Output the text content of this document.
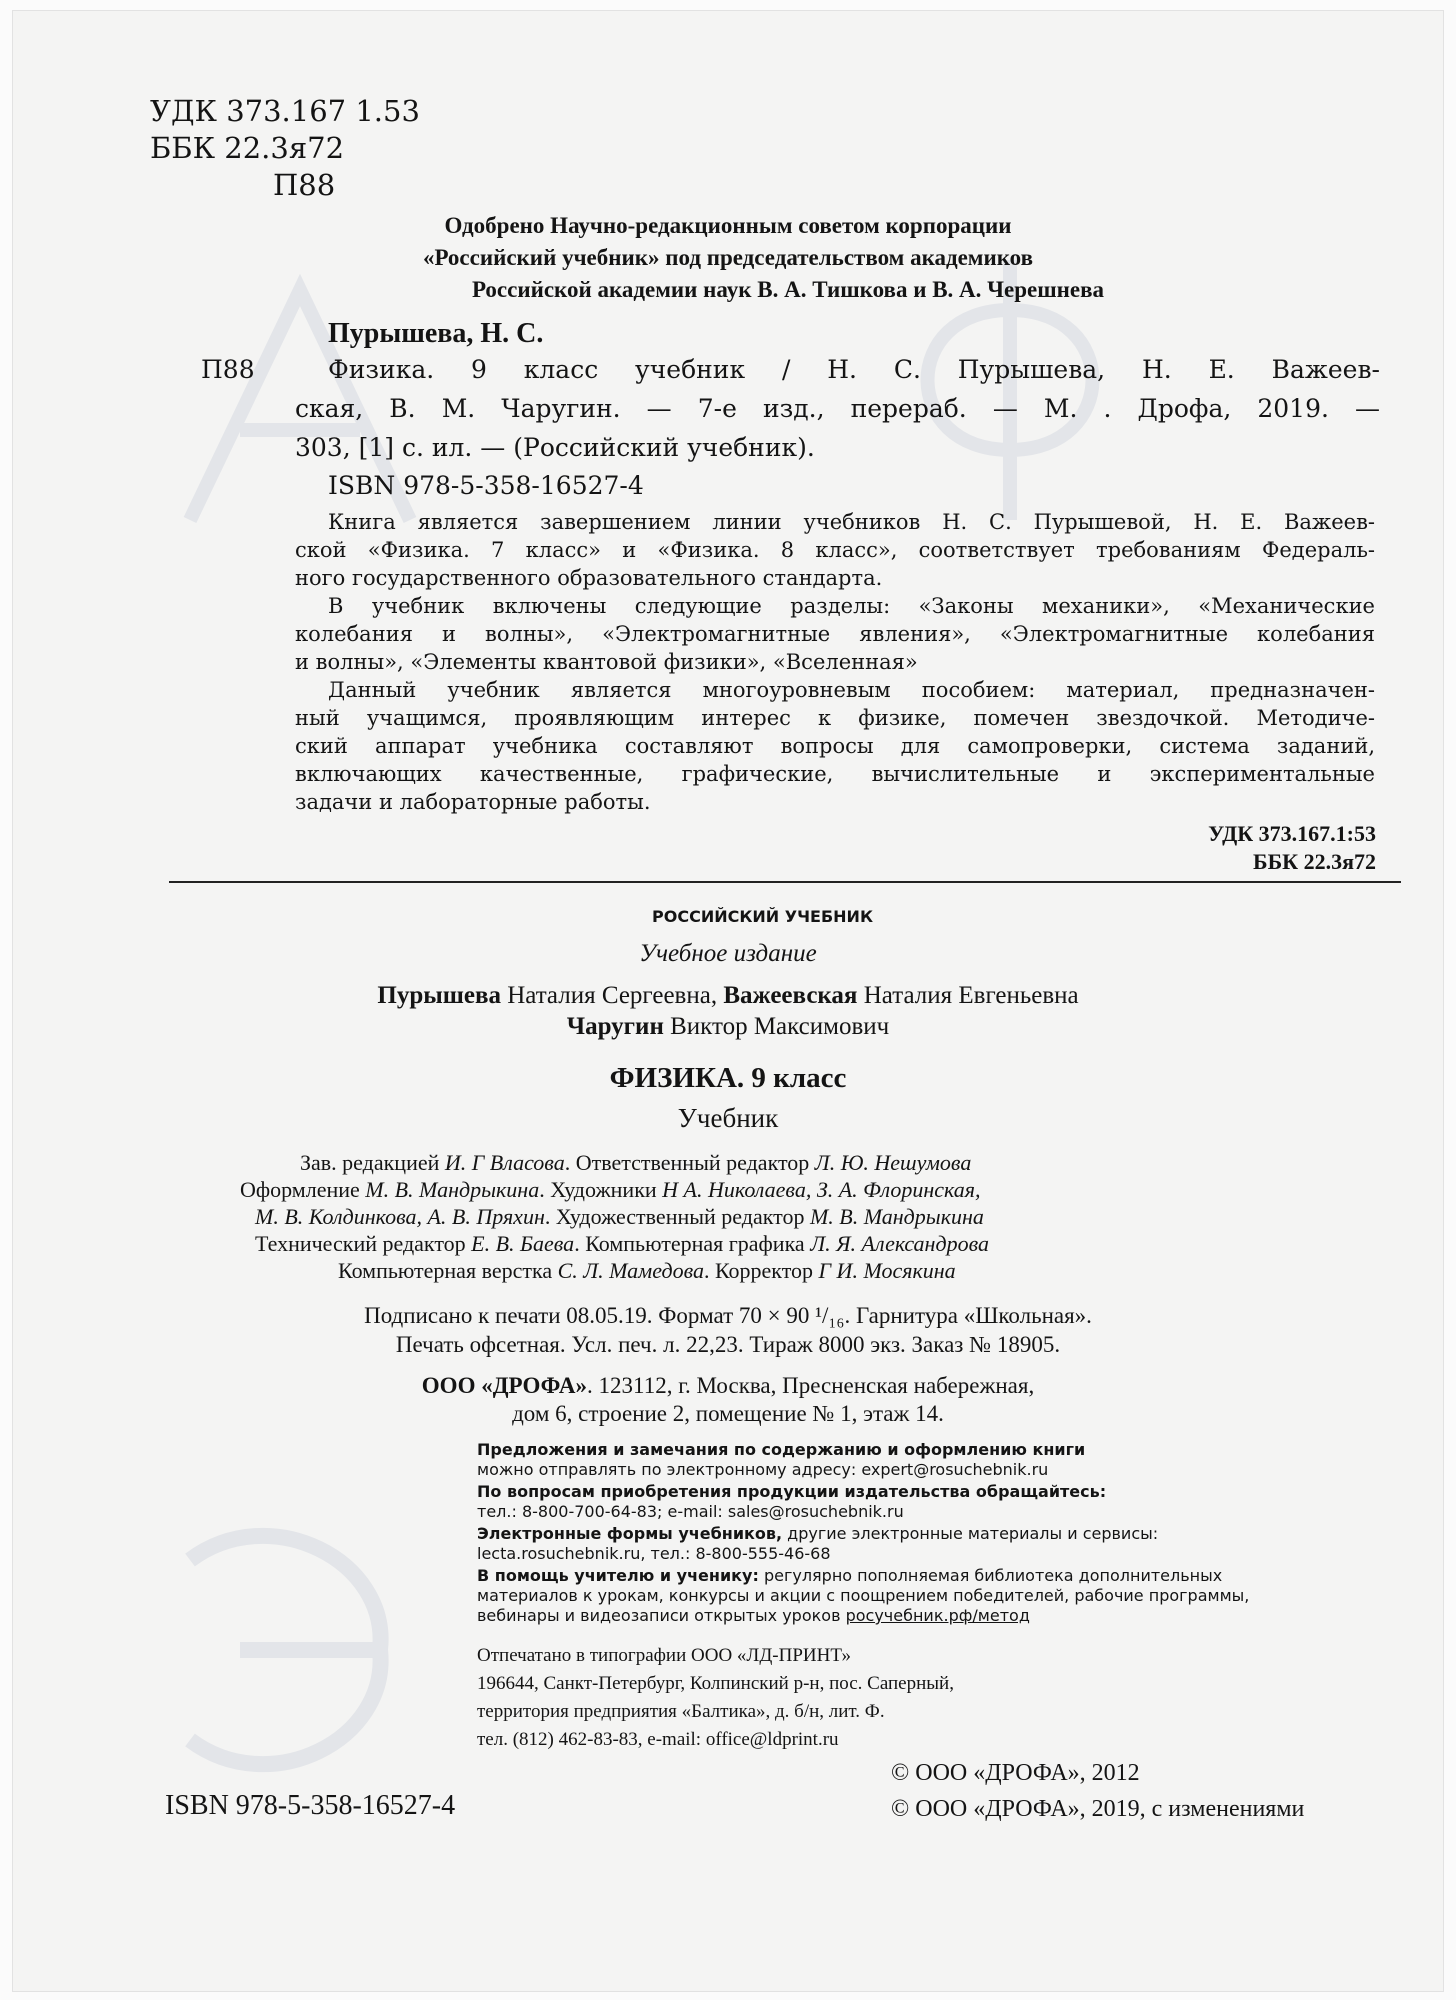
УДК 373.167 1.53
ББК 22.3я72
П88
Одобрено Научно-редакционным советом корпорации
«Российский учебник» под председательством академиков
Российской академии наук В. А. Тишкова и В. А. Черешнева
Пурышева, Н. С.
П88	Физика. 9 класс учебник / Н. С. Пурышева, Н. Е. Важеев-
ская, В. М. Чаругин. — 7-е изд., перераб. — М. . Дрофа, 2019. —
303, [1] с. ил. — (Российский учебник).
ISBN 978-5-358-16527-4
Книга является завершением линии учебников Н. С. Пурышевой, Н. Е. Важеев-
ской «Физика. 7 класс» и «Физика. 8 класс», соответствует требованиям Федераль-
ного государственного образовательного стандарта.
В учебник включены следующие разделы: «Законы механики», «Механические
колебания и волны», «Электромагнитные явления», «Электромагнитные колебания
и волны», «Элементы квантовой физики», «Вселенная»
Данный учебник является многоуровневым пособием: материал, предназначен-
ный учащимся, проявляющим интерес к физике, помечен звездочкой. Методиче-
ский аппарат учебника составляют вопросы для самопроверки, система заданий,
включающих качественные, графические, вычислительные и экспериментальные
задачи и лабораторные работы.
УДК 373.167.1:53
ББК 22.3я72
РОССИЙСКИЙ УЧЕБНИК
Учебное издание
Пурышева Наталия Сергеевна, Важеевская Наталия Евгеньевна
Чаругин Виктор Максимович
ФИЗИКА. 9 класс
Учебник
Зав. редакцией И. Г Власова. Ответственный редактор Л. Ю. Нешумова
Оформление М. В. Мандрыкина. Художники Н А. Николаева, З. А. Флоринская,
М. В. Колдинкова, А. В. Пряхин. Художественный редактор М. В. Мандрыкина
Технический редактор Е. В. Баева. Компьютерная графика Л. Я. Александрова
Компьютерная верстка С. Л. Мамедова. Корректор Г И. Мосякина
Подписано к печати 08.05.19. Формат 70 × 90 ¹/₁₆. Гарнитура «Школьная».
Печать офсетная. Усл. печ. л. 22,23. Тираж 8000 экз. Заказ № 18905.
ООО «ДРОФА». 123112, г. Москва, Пресненская набережная,
дом 6, строение 2, помещение № 1, этаж 14.
Предложения и замечания по содержанию и оформлению книги
можно отправлять по электронному адресу: expert@rosuchebnik.ru
По вопросам приобретения продукции издательства обращайтесь:
тел.: 8-800-700-64-83; e-mail: sales@rosuchebnik.ru
Электронные формы учебников, другие электронные материалы и сервисы:
lecta.rosuchebnik.ru, тел.: 8-800-555-46-68
В помощь учителю и ученику: регулярно пополняемая библиотека дополнительных
материалов к урокам, конкурсы и акции с поощрением победителей, рабочие программы,
вебинары и видеозаписи открытых уроков росучебник.рф/метод
Отпечатано в типографии ООО «ЛД-ПРИНТ»
196644, Санкт-Петербург, Колпинский р-н, пос. Саперный,
территория предприятия «Балтика», д. б/н, лит. Ф.
тел. (812) 462-83-83, e-mail: office@ldprint.ru
ISBN 978-5-358-16527-4
© ООО «ДРОФА», 2012
© ООО «ДРОФА», 2019, с изменениями
